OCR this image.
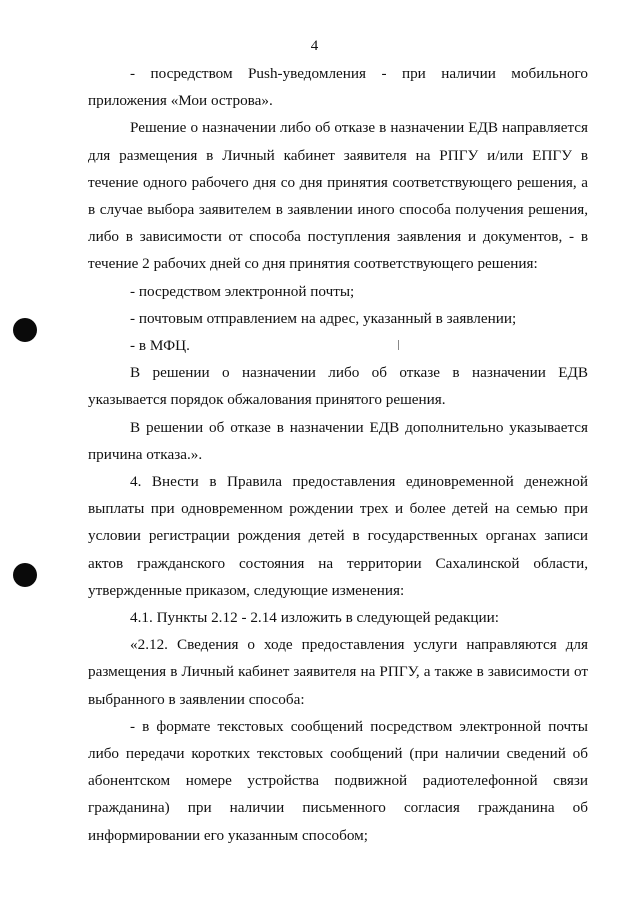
4

- посредством Push-уведомления - при наличии мобильного

приложения «Мои острова».

Решение о назначении либо об отказе в назначении ЕДВ направляется для размещения в Личный кабинет заявителя на РПГУ и/или ЕПГУ в течение одного рабочего дня со дня принятия соответствующего решения, а в случае выбора заявителем в заявлении иного способа получения решения, либо в зависимости от способа поступления заявления и документов, - в течение 2 рабочих дней со дня принятия соответствующего решения:

- посредством электронной почты;

- почтовым отправлением на адрес, указанный в заявлении;

- в МФЦ.

В решении о назначении либо об отказе в назначении ЕДВ указывается порядок обжалования принятого решения.

В решении об отказе в назначении ЕДВ дополнительно указывается причина отказа.».

4. Внести в Правила предоставления единовременной денежной выплаты при одновременном рождении трех и более детей на семью при условии регистрации рождения детей в государственных органах записи актов гражданского состояния на территории Сахалинской области, утвержденные приказом, следующие изменения:

4.1. Пункты 2.12 - 2.14 изложить в следующей редакции:

«2.12. Сведения о ходе предоставления услуги направляются для размещения в Личный кабинет заявителя на РПГУ, а также в зависимости от выбранного в заявлении способа:

- в формате текстовых сообщений посредством электронной почты либо передачи коротких текстовых сообщений (при наличии сведений об абонентском номере устройства подвижной радиотелефонной связи гражданина) при наличии письменного согласия гражданина об информировании его указанным способом;
